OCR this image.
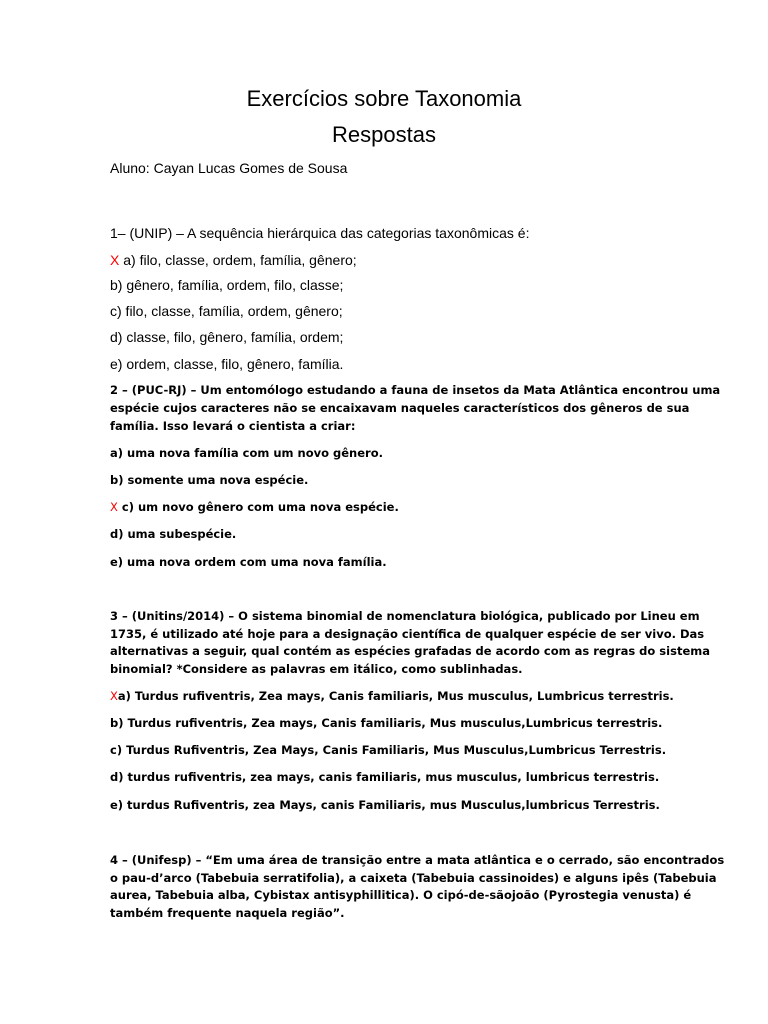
Exercícios sobre Taxonomia
Respostas
Aluno: Cayan Lucas Gomes de Sousa
1– (UNIP) – A sequência hierárquica das categorias taxonômicas é:
X a) filo, classe, ordem, família, gênero;
b) gênero, família, ordem, filo, classe;
c) filo, classe, família, ordem, gênero;
d) classe, filo, gênero, família, ordem;
e) ordem, classe, filo, gênero, família.
2 – (PUC-RJ) – Um entomólogo estudando a fauna de insetos da Mata Atlântica encontrou uma
espécie cujos caracteres não se encaixavam naqueles característicos dos gêneros de sua
família. Isso levará o cientista a criar:
a) uma nova família com um novo gênero.
b) somente uma nova espécie.
X c) um novo gênero com uma nova espécie.
d) uma subespécie.
e) uma nova ordem com uma nova família.
3 – (Unitins/2014) – O sistema binomial de nomenclatura biológica, publicado por Lineu em
1735, é utilizado até hoje para a designação científica de qualquer espécie de ser vivo. Das
alternativas a seguir, qual contém as espécies grafadas de acordo com as regras do sistema
binomial? *Considere as palavras em itálico, como sublinhadas.
Xa) Turdus rufiventris, Zea mays, Canis familiaris, Mus musculus, Lumbricus terrestris.
b) Turdus rufiventris, Zea mays, Canis familiaris, Mus musculus,Lumbricus terrestris.
c) Turdus Rufiventris, Zea Mays, Canis Familiaris, Mus Musculus,Lumbricus Terrestris.
d) turdus rufiventris, zea mays, canis familiaris, mus musculus, lumbricus terrestris.
e) turdus Rufiventris, zea Mays, canis Familiaris, mus Musculus,lumbricus Terrestris.
4 – (Unifesp) – “Em uma área de transição entre a mata atlântica e o cerrado, são encontrados
o pau-d’arco (Tabebuia serratifolia), a caixeta (Tabebuia cassinoides) e alguns ipês (Tabebuia
aurea, Tabebuia alba, Cybistax antisyphillitica). O cipó-de-sãojoão (Pyrostegia venusta) é
também frequente naquela região”.
